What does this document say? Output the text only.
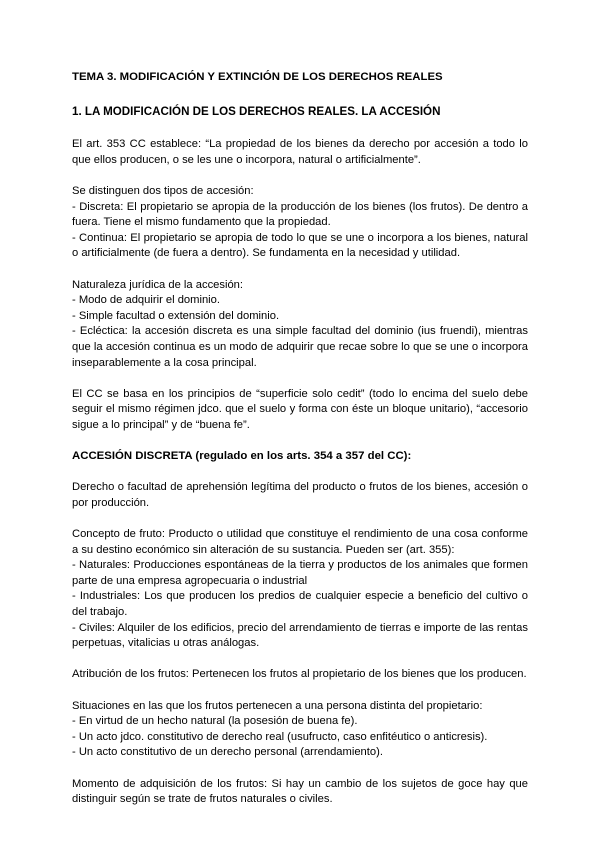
TEMA 3. MODIFICACIÓN Y EXTINCIÓN DE LOS DERECHOS REALES

1. LA MODIFICACIÓN DE LOS DERECHOS REALES. LA ACCESIÓN

El art. 353 CC establece: “La propiedad de los bienes da derecho por accesión a todo lo que ellos producen, o se les une o incorpora, natural o artificialmente”.

Se distinguen dos tipos de accesión:

- Discreta: El propietario se apropia de la producción de los bienes (los frutos). De dentro a fuera. Tiene el mismo fundamento que la propiedad.

- Continua: El propietario se apropia de todo lo que se une o incorpora a los bienes, natural o artificialmente (de fuera a dentro). Se fundamenta en la necesidad y utilidad.

Naturaleza jurídica de la accesión:

- Modo de adquirir el dominio.

- Simple facultad o extensión del dominio.

- Ecléctica: la accesión discreta es una simple facultad del dominio (ius fruendi), mientras que la accesión continua es un modo de adquirir que recae sobre lo que se une o incorpora inseparablemente a la cosa principal.

El CC se basa en los principios de “superficie solo cedit” (todo lo encima del suelo debe seguir el mismo régimen jdco. que el suelo y forma con éste un bloque unitario), “accesorio sigue a lo principal” y de “buena fe”.

ACCESIÓN DISCRETA (regulado en los arts. 354 a 357 del CC):

Derecho o facultad de aprehensión legítima del producto o frutos de los bienes, accesión o por producción.

Concepto de fruto: Producto o utilidad que constituye el rendimiento de una cosa conforme a su destino económico sin alteración de su sustancia. Pueden ser (art. 355):

- Naturales: Producciones espontáneas de la tierra y productos de los animales que formen parte de una empresa agropecuaria o industrial

- Industriales: Los que producen los predios de cualquier especie a beneficio del cultivo o del trabajo.

- Civiles: Alquiler de los edificios, precio del arrendamiento de tierras e importe de las rentas perpetuas, vitalicias u otras análogas.

Atribución de los frutos: Pertenecen los frutos al propietario de los bienes que los producen.

Situaciones en las que los frutos pertenecen a una persona distinta del propietario:

- En virtud de un hecho natural (la posesión de buena fe).

- Un acto jdco. constitutivo de derecho real (usufructo, caso enfitéutico o anticresis).

- Un acto constitutivo de un derecho personal (arrendamiento).

Momento de adquisición de los frutos: Si hay un cambio de los sujetos de goce hay que distinguir según se trate de frutos naturales o civiles.
